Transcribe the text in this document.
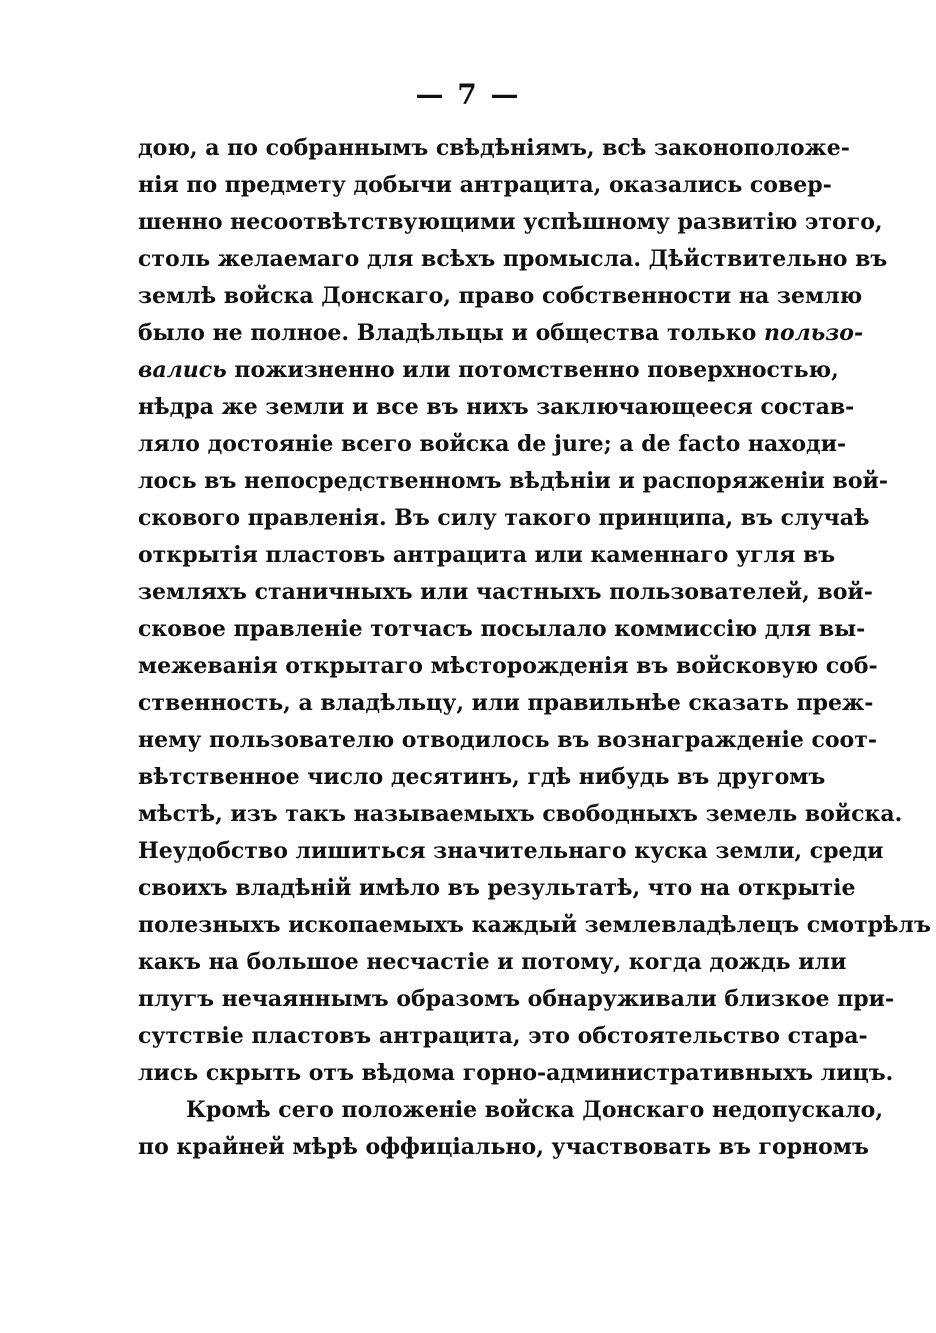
— 7 —
дою, а по собраннымъ свѣдѣніямъ, всѣ законоположе-
нія по предмету добычи антрацита, оказались совер-
шенно несоотвѣтствующими успѣшному развитію этого,
столь желаемаго для всѣхъ промысла. Дѣйствительно въ
землѣ войска Донскаго, право собственности на землю
было не полное. Владѣльцы и общества только пользо-
вались пожизненно или потомственно поверхностью,
нѣдра же земли и все въ нихъ заключающееся состав-
ляло достояніе всего войска de jure; а de facto находи-
лось въ непосредственномъ вѣдѣніи и распоряженіи вой-
скового правленія. Въ силу такого принципа, въ случаѣ
открытія пластовъ антрацита или каменнаго угля въ
земляхъ станичныхъ или частныхъ пользователей, вой-
сковое правленіе тотчасъ посылало коммиссію для вы-
межеванія открытаго мѣсторожденія въ войсковую соб-
ственность, а владѣльцу, или правильнѣе сказать преж-
нему пользователю отводилось въ вознагражденіе соот-
вѣтственное число десятинъ, гдѣ нибудь въ другомъ
мѣстѣ, изъ такъ называемыхъ свободныхъ земель войска.
Неудобство лишиться значительнаго куска земли, среди
своихъ владѣній имѣло въ результатѣ, что на открытіе
полезныхъ ископаемыхъ каждый землевладѣлецъ смотрѣлъ
какъ на большое несчастіе и потому, когда дождь или
плугъ нечаяннымъ образомъ обнаруживали близкое при-
сутствіе пластовъ антрацита, это обстоятельство стара-
лись скрыть отъ вѣдома горно-административныхъ лицъ.
Кромѣ сего положеніе войска Донскаго недопускало,
по крайней мѣрѣ оффиціально, участвовать въ горномъ
